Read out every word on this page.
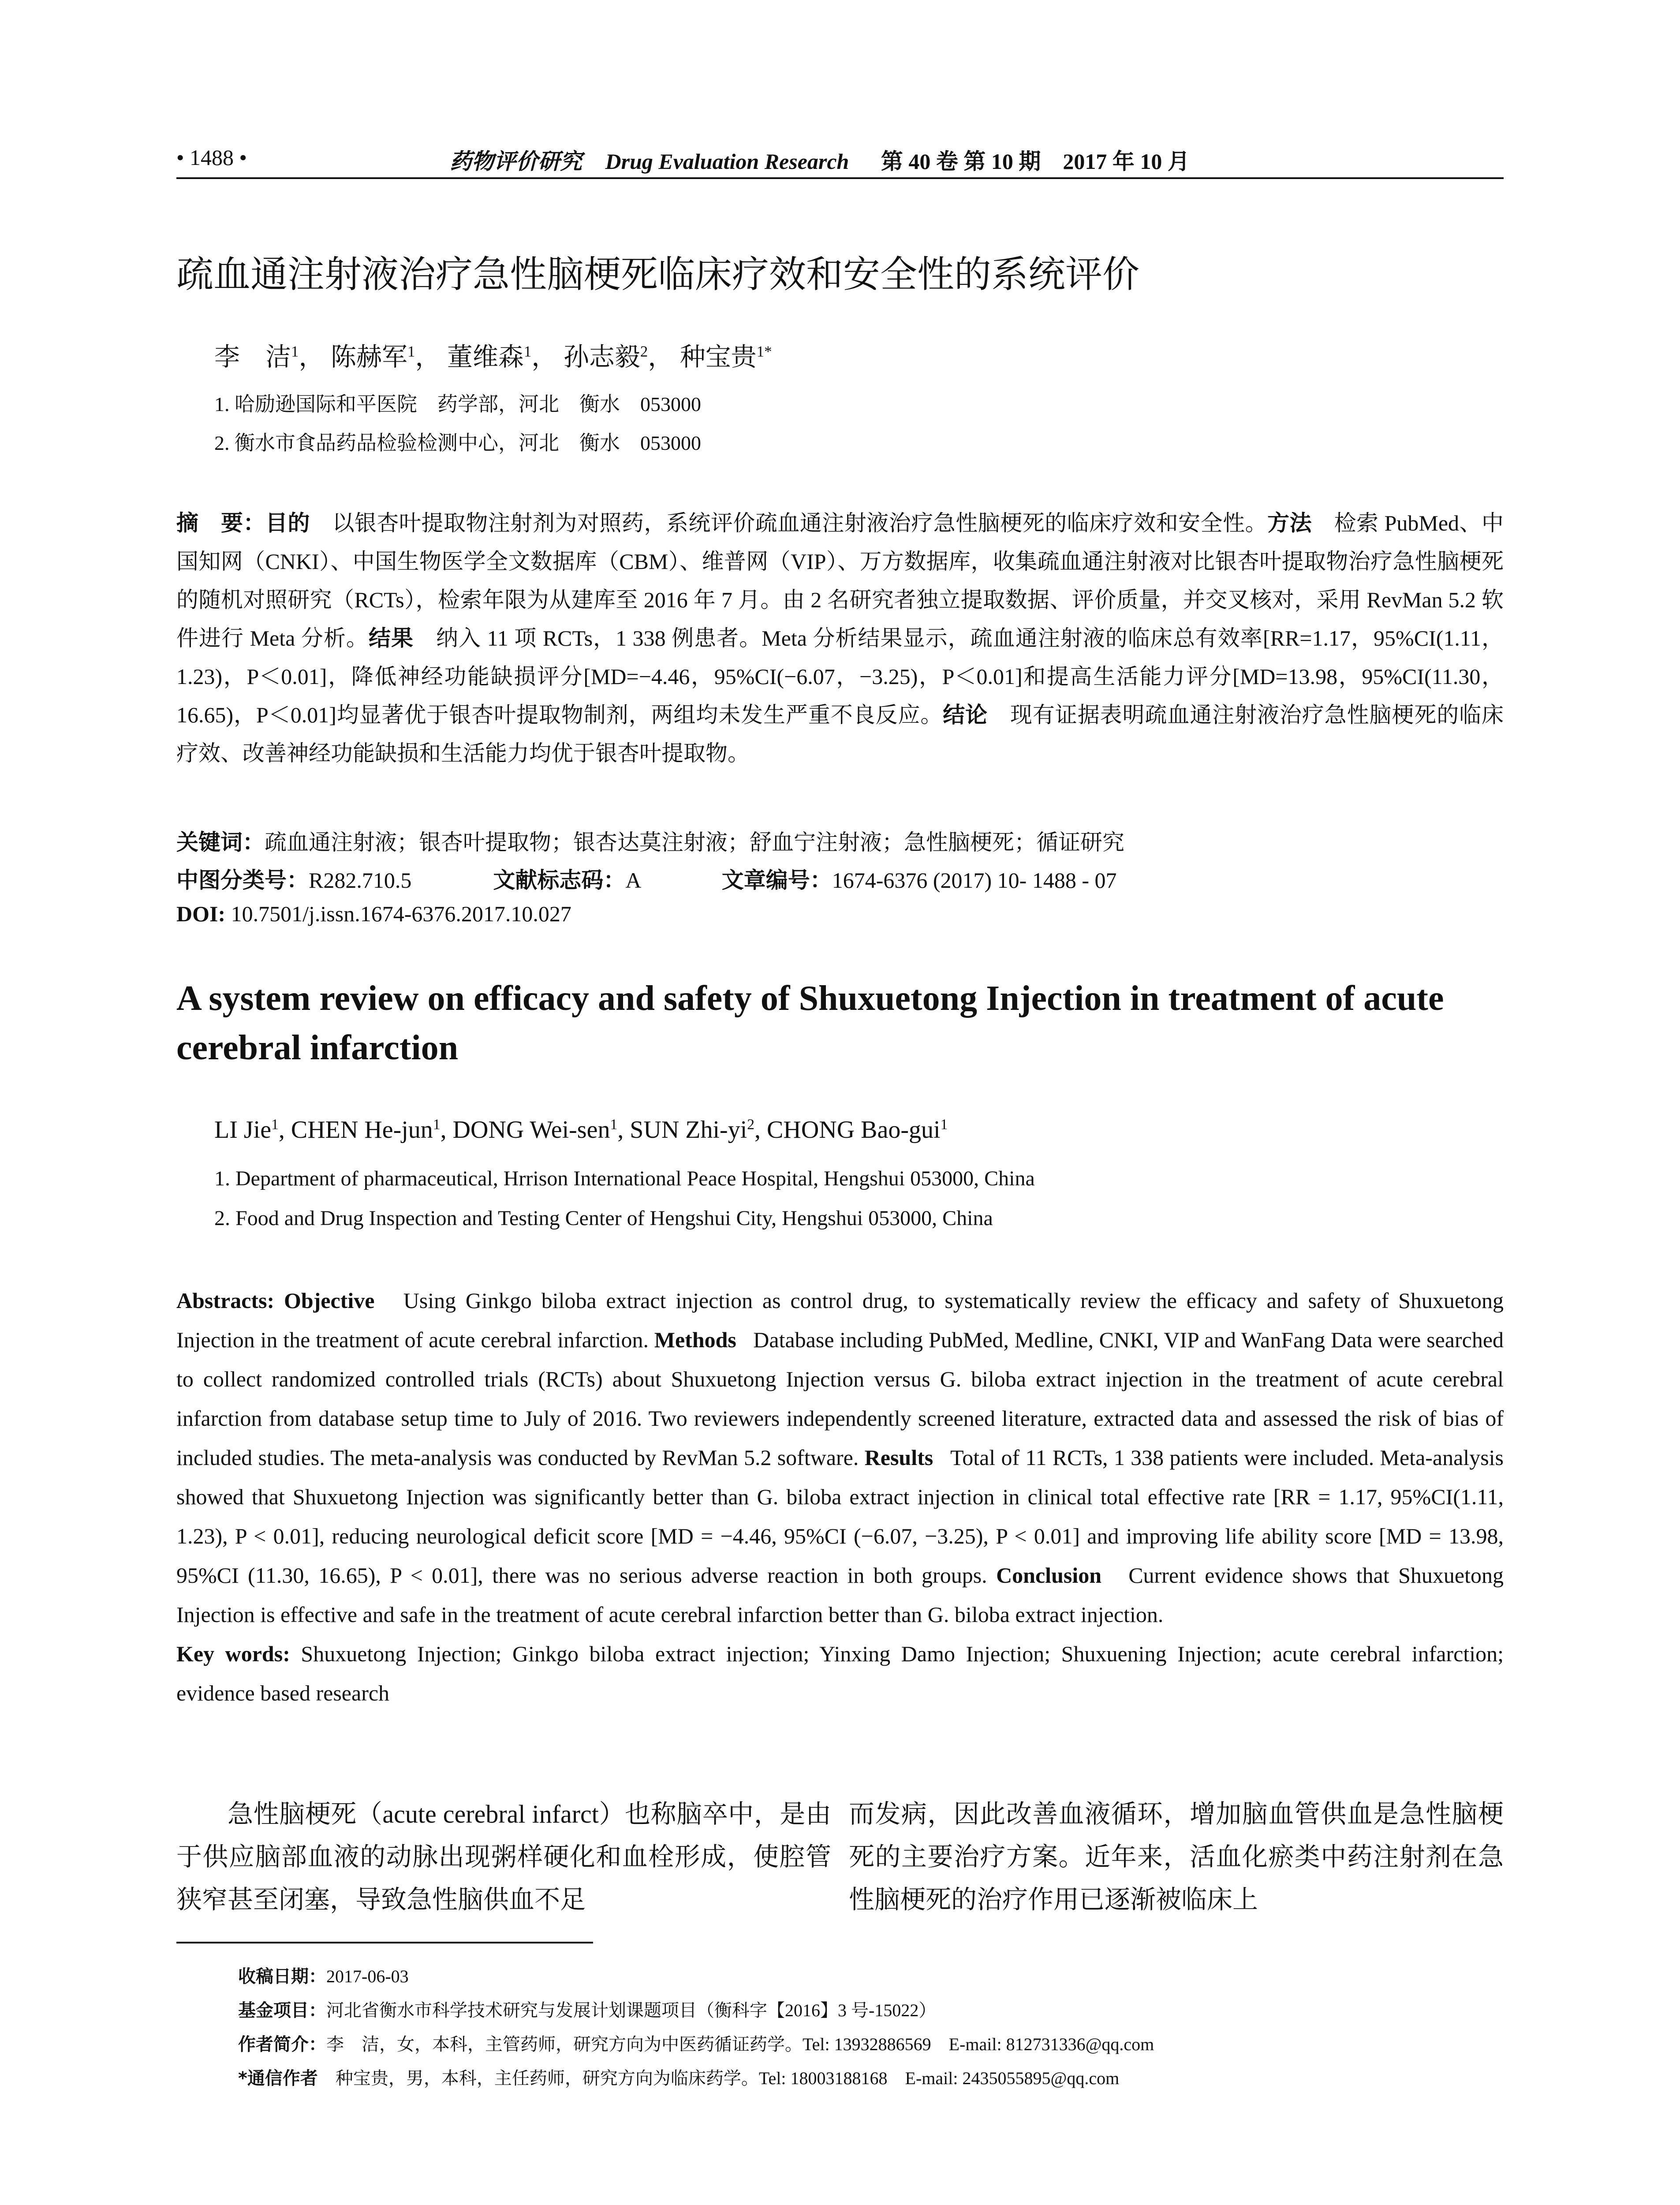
• 1488 •	药物评价研究 Drug Evaluation Research 第 40 卷 第 10 期　2017 年 10 月
疏血通注射液治疗急性脑梗死临床疗效和安全性的系统评价
李　洁$^1$， 陈赫军$^1$， 董维森$^1$， 孙志毅$^2$， 种宝贵$^{1*}$
1. 哈励逊国际和平医院　药学部，河北　衡水　053000
2. 衡水市食品药品检验检测中心，河北　衡水　053000
摘　要：目的　 以银杏叶提取物注射剂为对照药，系统评价疏血通注射液治疗急性脑梗死的临床疗效和安全性。方法　 检索 PubMed、中国知网（CNKI）、中国生物医学全文数据库（CBM）、维普网（VIP）、万方数据库，收集疏血通注射液对比银杏叶提取物治疗急性脑梗死的随机对照研究（RCTs），检索年限为从建库至 2016 年 7 月。由 2 名研究者独立提取数据、评价质量，并交叉核对，采用 RevMan 5.2 软件进行 Meta 分析。结果　 纳入 11 项 RCTs，1 338 例患者。Meta 分析结果显示，疏血通注射液的临床总有效率[RR=1.17，95%CI(1.11，1.23)，P＜0.01]，降低神经功能缺损评分[MD=−4.46，95%CI(−6.07，−3.25)，P＜0.01]和提高生活能力评分[MD=13.98，95%CI(11.30，16.65)，P＜0.01]均显著优于银杏叶提取物制剂，两组均未发生严重不良反应。结论　 现有证据表明疏血通注射液治疗急性脑梗死的临床疗效、改善神经功能缺损和生活能力均优于银杏叶提取物。
关键词：疏血通注射液；银杏叶提取物；银杏达莫注射液；舒血宁注射液；急性脑梗死；循证研究
中图分类号：R282.710.5	文献标志码：A	文章编号：1674-6376 (2017) 10- 1488 - 07
DOI: 10.7501/j.issn.1674-6376.2017.10.027
A system review on efficacy and safety of Shuxuetong Injection in treatment of acute cerebral infarction
LI Jie$^1$, CHEN He-jun$^1$, DONG Wei-sen$^1$, SUN Zhi-$yi^2$, CHONG Bao-gui$^1$
1. Department of pharmaceutical, Hrrison International Peace Hospital, Hengshui 053000, China
2. Food and Drug Inspection and Testing Center of Hengshui City, Hengshui 053000, China
Abstracts: Objective Using Ginkgo biloba extract injection as control drug, to systematically review the efficacy and safety of Shuxuetong Injection in the treatment of acute cerebral infarction. Methods Database including PubMed, Medline, CNKI, VIP and WanFang Data were searched to collect randomized controlled trials (RCTs) about Shuxuetong Injection versus G. biloba extract injection in the treatment of acute cerebral infarction from database setup time to July of 2016. Two reviewers independently screened literature, extracted data and assessed the risk of bias of included studies. The meta-analysis was conducted by RevMan 5.2 software. Results Total of 11 RCTs, 1 338 patients were included. Meta-analysis showed that Shuxuetong Injection was significantly better than G. biloba extract injection in clinical total effective rate [RR = 1.17, 95%CI(1.11, 1.23), P < 0.01], reducing neurological deficit score [MD = −4.46, 95%CI (−6.07, −3.25), P < 0.01] and improving life ability score [MD = 13.98, 95%CI (11.30, 16.65), P < 0.01], there was no serious adverse reaction in both groups. Conclusion Current evidence shows that Shuxuetong Injection is effective and safe in the treatment of acute cerebral infarction better than G. biloba extract injection.
Key words: Shuxuetong Injection; Ginkgo biloba extract injection; Yinxing Damo Injection; Shuxuening Injection; acute cerebral infarction; evidence based research
急性脑梗死（acute cerebral infarct）也称脑卒中，是由于供应脑部血液的动脉出现粥样硬化和血栓形成，使腔管狭窄甚至闭塞，导致急性脑供血不足
而发病，因此改善血液循环，增加脑血管供血是急性脑梗死的主要治疗方案。近年来，活血化瘀类中药注射剂在急性脑梗死的治疗作用已逐渐被临床上
收稿日期：2017-06-03
基金项目：河北省衡水市科学技术研究与发展计划课题项目（衡科字【2016】3 号-15022）
作者简介：李　洁，女，本科，主管药师，研究方向为中医药循证药学。Tel: 13932886569　E-mail: 812731336@qq.com
*通信作者　 种宝贵，男，本科，主任药师，研究方向为临床药学。Tel: 18003188168　E-mail: 2435055895@qq.com
